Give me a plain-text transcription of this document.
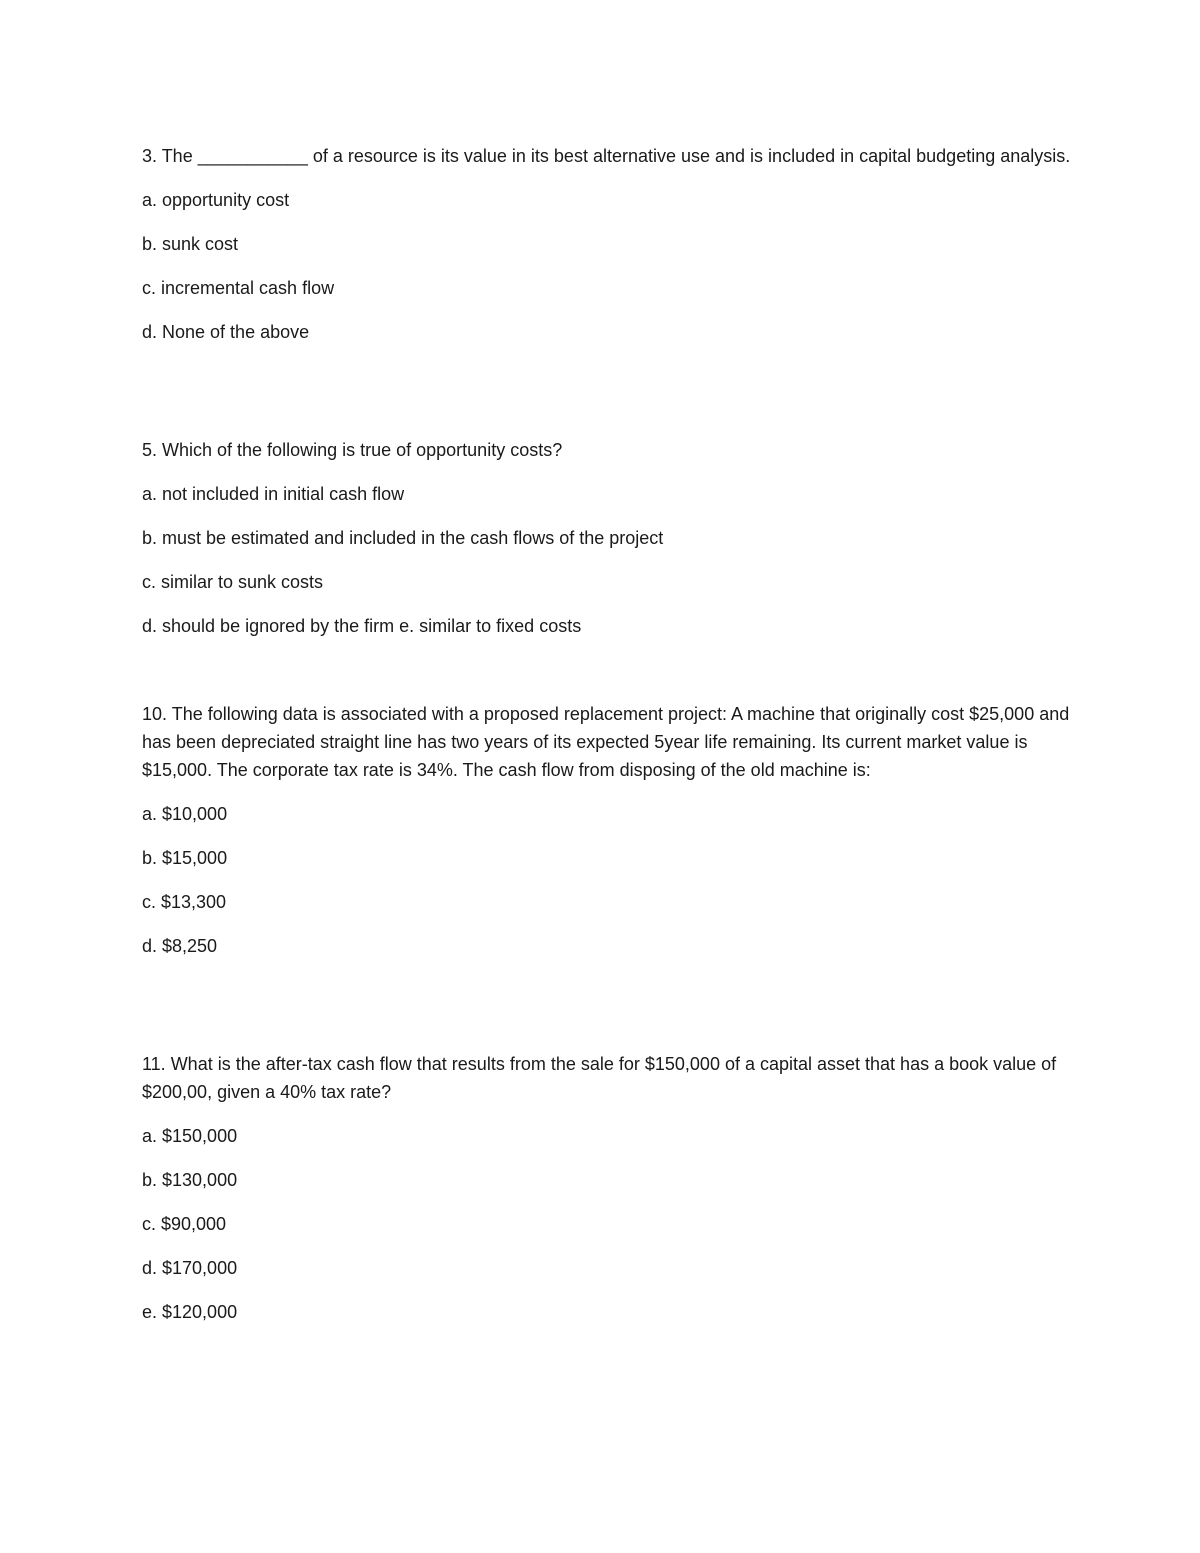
3. The ___________ of a resource is its value in its best alternative use and is included in capital budgeting analysis.

a. opportunity cost

b. sunk cost

c. incremental cash flow

d. None of the above

5. Which of the following is true of opportunity costs?

a. not included in initial cash flow

b. must be estimated and included in the cash flows of the project

c. similar to sunk costs

d. should be ignored by the firm e. similar to fixed costs

10. The following data is associated with a proposed replacement project: A machine that originally cost $25,000 and has been depreciated straight line has two years of its expected 5year life remaining. Its current market value is $15,000. The corporate tax rate is 34%. The cash flow from disposing of the old machine is:

a. $10,000

b. $15,000

c. $13,300

d. $8,250

11. What is the after-tax cash flow that results from the sale for $150,000 of a capital asset that has a book value of $200,00, given a 40% tax rate?

a. $150,000

b. $130,000

c. $90,000

d. $170,000

e. $120,000
